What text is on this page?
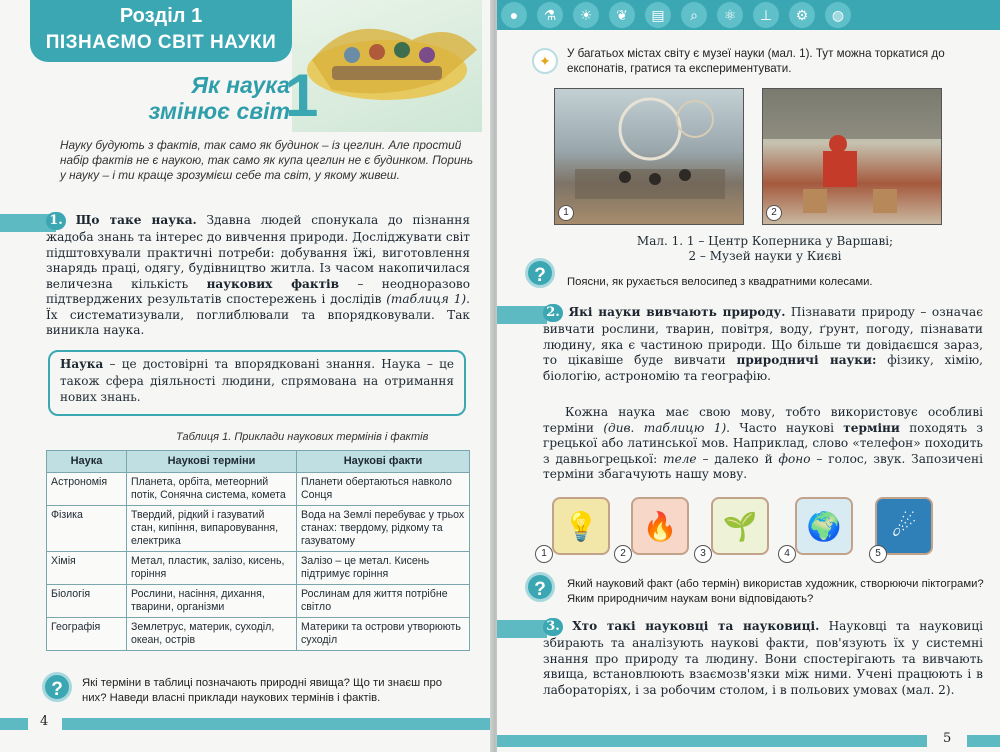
Розділ 1
ПІЗНАЄМО СВІТ НАУКИ
Як наука
змінює світ
1
Науку будують з фактів, так само як будинок – із цеглин. Але простий набір фактів не є наукою, так само як купа цеглин не є будинком. Поринь у науку – і ти краще зрозумієш себе та світ, у якому живеш.
1. Що таке наука. Здавна людей спонукала до пізнання жадоба знань та інтерес до вивчення природи. Досліджувати світ підштовхували практичні потреби: добування їжі, виготовлення знарядь праці, одягу, будівництво житла. Із часом накопичилася величезна кількість наукових фактів – неодноразово підтверджених результатів спостережень і дослідів (таблиця 1). Їх систематизували, поглиблювали та впорядковували. Так виникла наука.
Наука – це достовірні та впорядковані знання. Наука – це також сфера діяльності людини, спрямована на отримання нових знань.
Таблиця 1. Приклади наукових термінів і фактів
Наука	Наукові терміни	Наукові факти
Астрономія	Планета, орбіта, метеорний потік, Сонячна система, комета	Планети обертаються навколо Сонця
Фізика	Твердий, рідкий і газуватий стан, кипіння, випаровування, електрика	Вода на Землі перебуває у трьох станах: твердому, рідкому та газуватому
Хімія	Метал, пластик, залізо, кисень, горіння	Залізо – це метал. Кисень підтримує горіння
Біологія	Рослини, насіння, дихання, тварини, організми	Рослинам для життя потрібне світло
Географія	Землетрус, материк, суходіл, океан, острів	Материки та острови утворюють суходіл
?	Які терміни в таблиці позначають природні явища? Що ти знаєш про них? Наведи власні приклади наукових термінів і фактів.
4
●	⚗	☀	❦	▤	⌕	⚛	⊥	⚙	◍
✦	У багатьох містах світу є музеї науки (мал. 1). Тут можна торкатися до експонатів, гратися та експериментувати.
1	2
Мал. 1. 1 – Центр Коперника у Варшаві;
2 – Музей науки у Києві
?	Поясни, як рухається велосипед з квадратними колесами.
2. Які науки вивчають природу. Пізнавати природу – означає вивчати рослини, тварин, повітря, воду, ґрунт, погоду, пізнавати людину, яка є частиною природи. Що більше ти довідаєшся зараз, то цікавіше буде вивчати природничі науки: фізику, хімію, біологію, астрономію та географію.
Кожна наука має свою мову, тобто використовує особливі терміни (див. таблицю 1). Часто наукові терміни походять з грецької або латинської мов. Наприклад, слово «телефон» походить з давньогрецької: теле – далеко й фоно – голос, звук. Запозичені терміни збагачують нашу мову.
💡
1
🔥
2
🌱
3
🌍
4
☄
5
?	Який науковий факт (або термін) використав художник, створюючи піктограми? Яким природничим наукам вони відповідають?
3. Хто такі науковці та науковиці. Науковці та науковиці збирають та аналізують наукові факти, пов'язують їх у системні знання про природу та людину. Вони спостерігають та вивчають явища, встановлюють взаємозв'язки між ними. Учені працюють і в лабораторіях, і за робочим столом, і в польових умовах (мал. 2).
5
